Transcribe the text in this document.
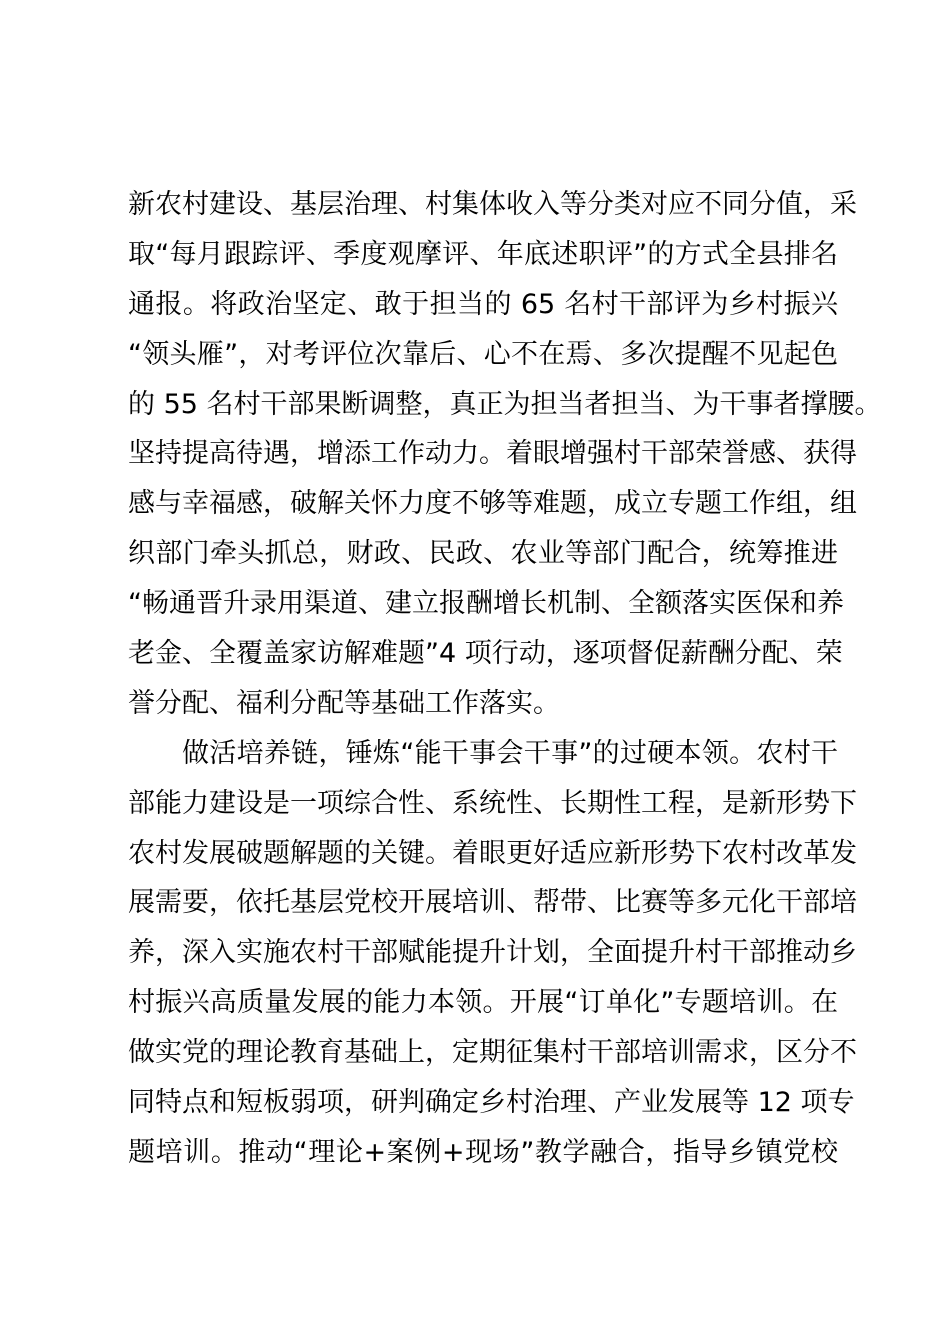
新农村建设、基层治理、村集体收入等分类对应不同分值，采
取“每月跟踪评、季度观摩评、年底述职评”的方式全县排名
通报。将政治坚定、敢于担当的 65 名村干部评为乡村振兴
“领头雁”，对考评位次靠后、心不在焉、多次提醒不见起色
的 55 名村干部果断调整，真正为担当者担当、为干事者撑腰。
坚持提高待遇，增添工作动力。着眼增强村干部荣誉感、获得
感与幸福感，破解关怀力度不够等难题，成立专题工作组，组
织部门牵头抓总，财政、民政、农业等部门配合，统筹推进
“畅通晋升录用渠道、建立报酬增长机制、全额落实医保和养
老金、全覆盖家访解难题”4 项行动，逐项督促薪酬分配、荣
誉分配、福利分配等基础工作落实。
做活培养链，锤炼“能干事会干事”的过硬本领。农村干
部能力建设是一项综合性、系统性、长期性工程，是新形势下
农村发展破题解题的关键。着眼更好适应新形势下农村改革发
展需要，依托基层党校开展培训、帮带、比赛等多元化干部培
养，深入实施农村干部赋能提升计划，全面提升村干部推动乡
村振兴高质量发展的能力本领。开展“订单化”专题培训。在
做实党的理论教育基础上，定期征集村干部培训需求，区分不
同特点和短板弱项，研判确定乡村治理、产业发展等 12 项专
题培训。推动“理论+案例+现场”教学融合，指导乡镇党校
